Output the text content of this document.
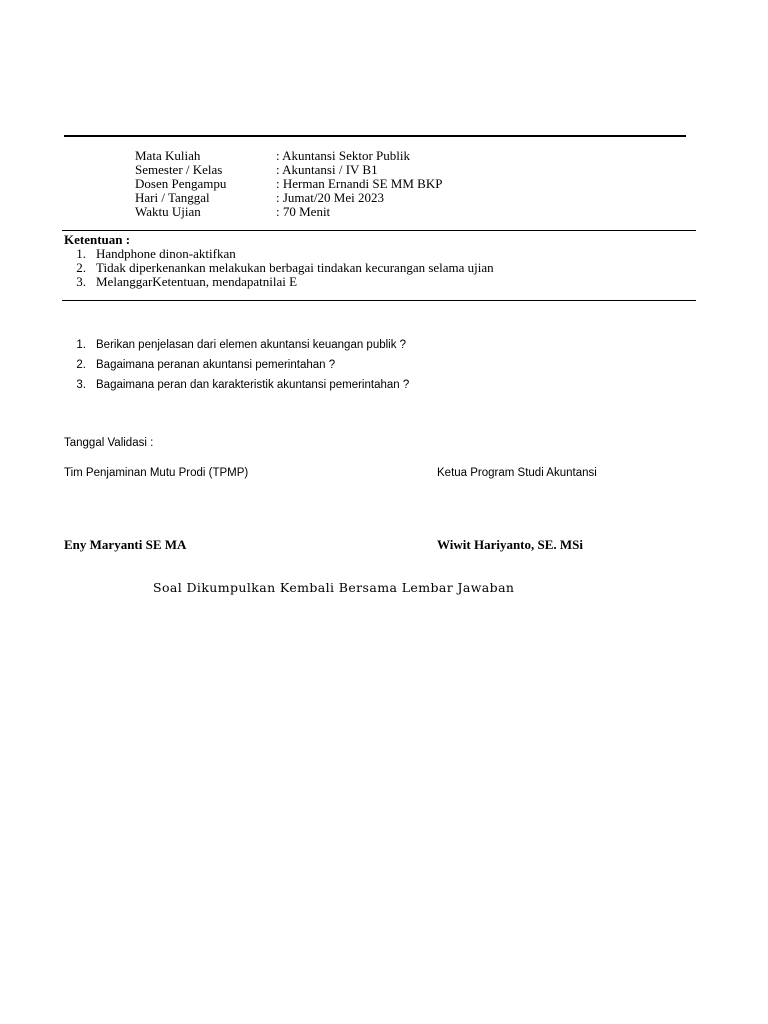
Mata Kuliah	: Akuntansi Sektor Publik
Semester / Kelas	: Akuntansi / IV B1
Dosen Pengampu	: Herman Ernandi SE MM BKP
Hari / Tanggal	: Jumat/20 Mei 2023
Waktu Ujian	: 70 Menit
Ketentuan :
1. Handphone dinon-aktifkan
2. Tidak diperkenankan melakukan berbagai tindakan kecurangan selama ujian
3. MelanggarKetentuan, mendapatnilai E
1. Berikan penjelasan dari elemen akuntansi keuangan publik ?
2. Bagaimana peranan akuntansi pemerintahan ?
3. Bagaimana peran dan karakteristik akuntansi pemerintahan ?
Tanggal Validasi :
Tim Penjaminan Mutu Prodi (TPMP)	Ketua Program Studi Akuntansi
Eny Maryanti SE MA	Wiwit Hariyanto, SE. MSi
Soal Dikumpulkan Kembali Bersama Lembar Jawaban
